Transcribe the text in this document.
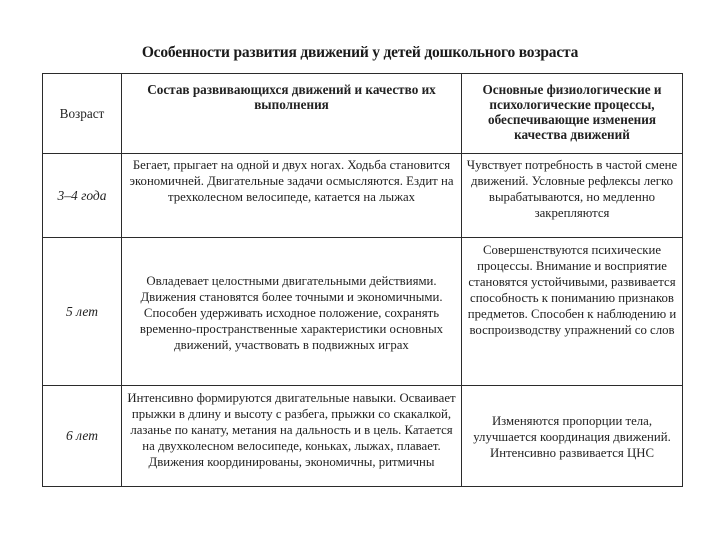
Особенности развития движений у детей дошкольного возраста
Возраст	Состав развивающихся движений и качество их выполнения	Основные физиологические и психологические процессы, обеспечивающие изменения качества движений
3–4 года	Бегает, прыгает на одной и двух ногах. Ходьба становится экономичней. Двигательные задачи осмысляются. Ездит на трехколесном велосипеде, катается на лыжах	Чувствует потребность в частой смене движений. Условные рефлексы легко вырабатываются, но медленно закрепляются
5 лет	Овладевает целостными двигательными действиями. Движения становятся более точными и экономичными. Способен удерживать исходное положение, сохранять временно-пространственные характеристики основных движений, участвовать в подвижных играх	Совершенствуются психические процессы. Внимание и восприятие становятся устойчивыми, развивается способность к пониманию признаков предметов. Способен к наблюдению и воспроизводству упражнений со слов
6 лет	Интенсивно формируются двигательные навыки. Осваивает прыжки в длину и высоту с разбега, прыжки со скакалкой, лазанье по канату, метания на дальность и в цель. Катается на двухколесном велосипеде, коньках, лыжах, плавает. Движения координированы, экономичны, ритмичны	Изменяются пропорции тела, улучшается координация движений. Интенсивно развивается ЦНС
